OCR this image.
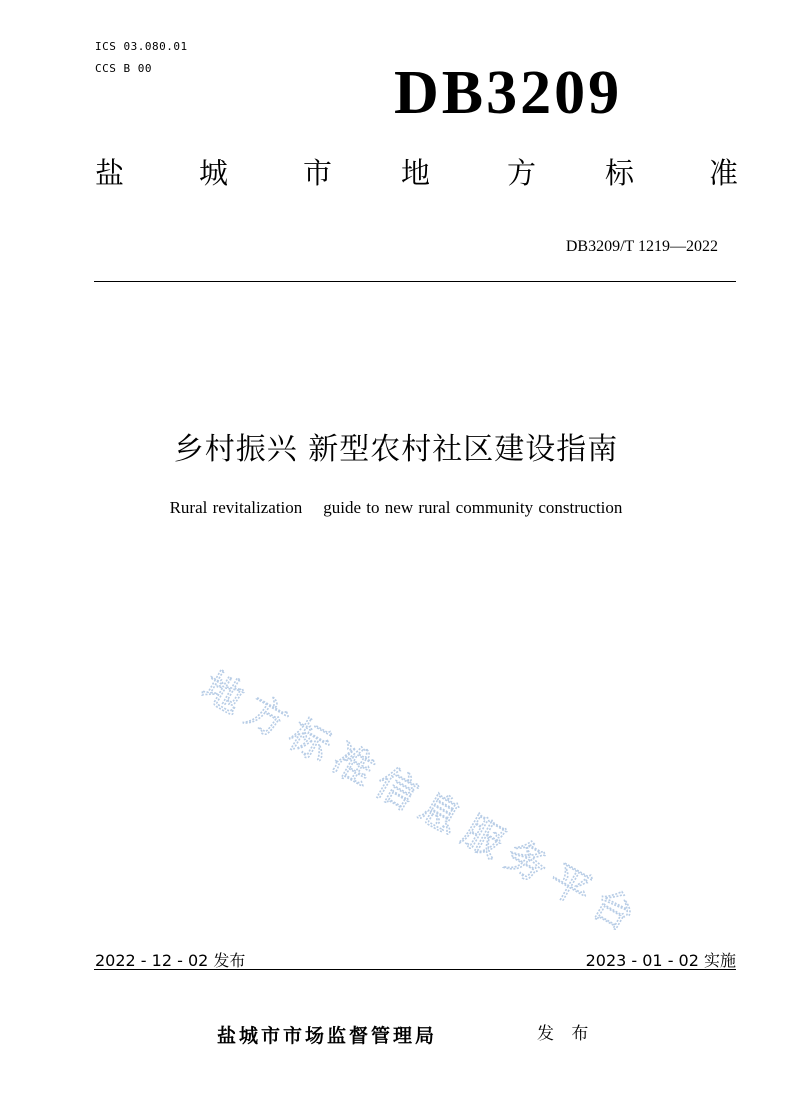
ICS 03.080.01
CCS B 00	DB3209
盐	城	市 地	方 标	准
DB3209/T 1219—2022
乡村振兴 新型农村社区建设指南
Rural revitalization    guide to new rural community construction
地
方
标
准
信
息
服
务
平
台
2022 - 12 - 02 发布	2023 - 01 - 02 实施
盐城市市场监督管理局	发 布
